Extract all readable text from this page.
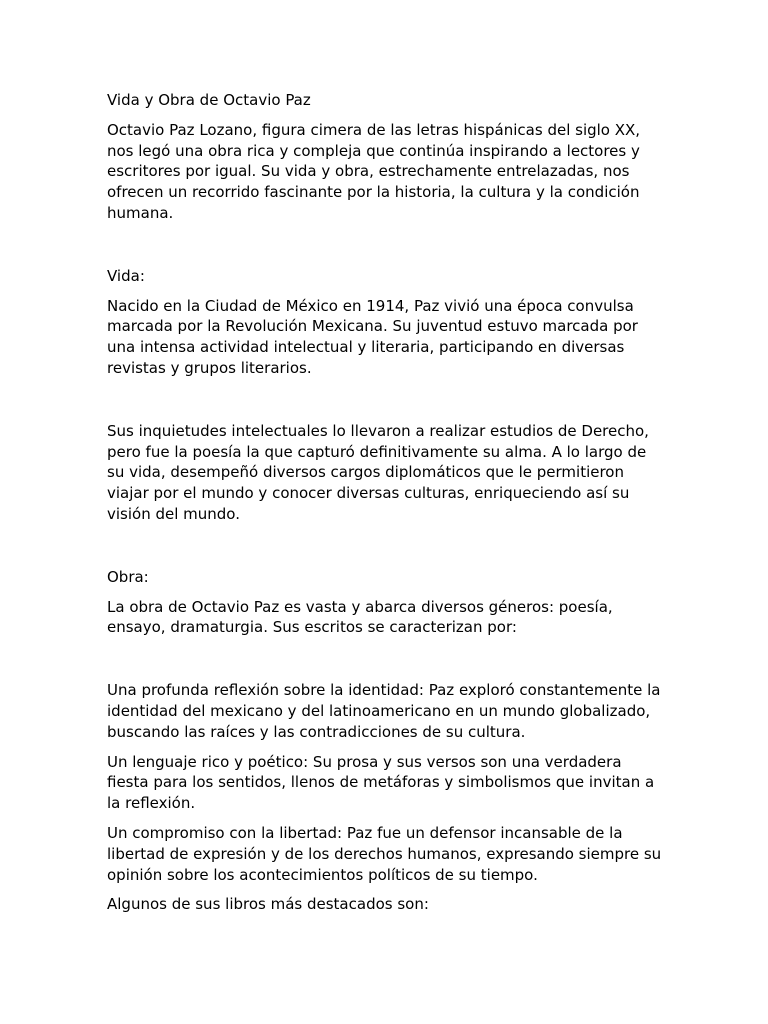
Vida y Obra de Octavio Paz

Octavio Paz Lozano, figura cimera de las letras hispánicas del siglo XX, nos legó una obra rica y compleja que continúa inspirando a lectores y escritores por igual. Su vida y obra, estrechamente entrelazadas, nos ofrecen un recorrido fascinante por la historia, la cultura y la condición humana.

Vida:

Nacido en la Ciudad de México en 1914, Paz vivió una época convulsa marcada por la Revolución Mexicana. Su juventud estuvo marcada por una intensa actividad intelectual y literaria, participando en diversas revistas y grupos literarios.

Sus inquietudes intelectuales lo llevaron a realizar estudios de Derecho, pero fue la poesía la que capturó definitivamente su alma. A lo largo de su vida, desempeñó diversos cargos diplomáticos que le permitieron viajar por el mundo y conocer diversas culturas, enriqueciendo así su visión del mundo.

Obra:

La obra de Octavio Paz es vasta y abarca diversos géneros: poesía, ensayo, dramaturgia. Sus escritos se caracterizan por:

Una profunda reflexión sobre la identidad: Paz exploró constantemente la identidad del mexicano y del latinoamericano en un mundo globalizado, buscando las raíces y las contradicciones de su cultura.

Un lenguaje rico y poético: Su prosa y sus versos son una verdadera fiesta para los sentidos, llenos de metáforas y simbolismos que invitan a la reflexión.

Un compromiso con la libertad: Paz fue un defensor incansable de la libertad de expresión y de los derechos humanos, expresando siempre su opinión sobre los acontecimientos políticos de su tiempo.

Algunos de sus libros más destacados son:
